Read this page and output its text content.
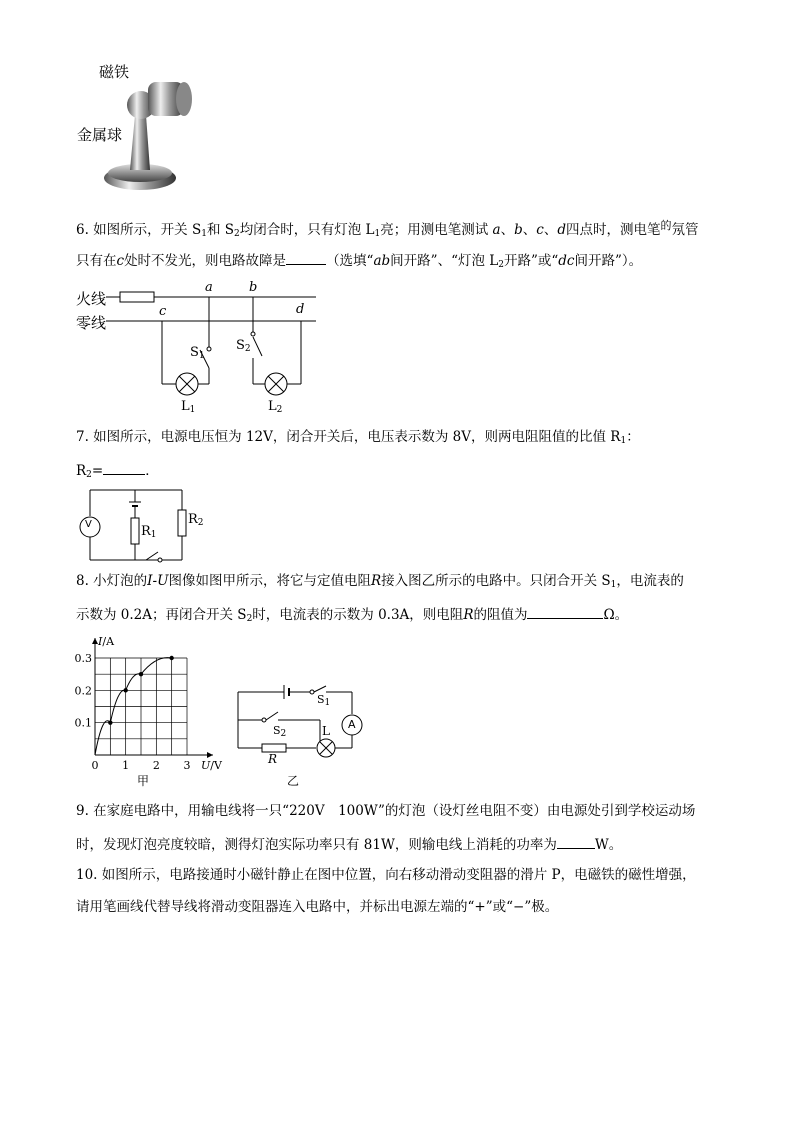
磁铁
金属球
6. 如图所示，开关 $S_1$和 $S_2$均闭合时，只有灯泡 $L_1$亮；用测电笔测试 a、b、c、d四点时，测电笔$^的$氖管
只有在c处时不发光，则电路故障是	（选填“ab间开路”、“灯泡 $L_2$开路”或“dc间开路”）。
火线
零线
a	b
c	d
$S_1$
$S_2$
$L_1$	$L_2$
7. 如图所示，电源电压恒为 12V，闭合开关后，电压表示数为 8V，则两电阻阻值的比值 $R_1$：
$R_2=$	．
V	$R_1$
$R_2$
8. 小灯泡的I-U图像如图甲所示，将它与定值电阻R接入图乙所示的电路中。只闭合开关 $S_1$，电流表的
示数为 0.2A；再闭合开关 $S_2$时，电流表的示数为 0.3A，则电阻R的阻值为	Ω。
0 1 2 3
0.1
0.2
0.3
U/V
I/A
甲
$S_1$
$S_2$
A
L
R
乙
9. 在家庭电路中，用输电线将一只“220V　100W”的灯泡（设灯丝电阻不变）由电源处引到学校运动场
时，发现灯泡亮度较暗，测得灯泡实际功率只有 81W，则输电线上消耗的功率为	W。
10. 如图所示，电路接通时小磁针静止在图中位置，向右移动滑动变阻器的滑片 P，电磁铁的磁性增强，
请用笔画线代替导线将滑动变阻器连入电路中，并标出电源左端的“+”或“−”极。
